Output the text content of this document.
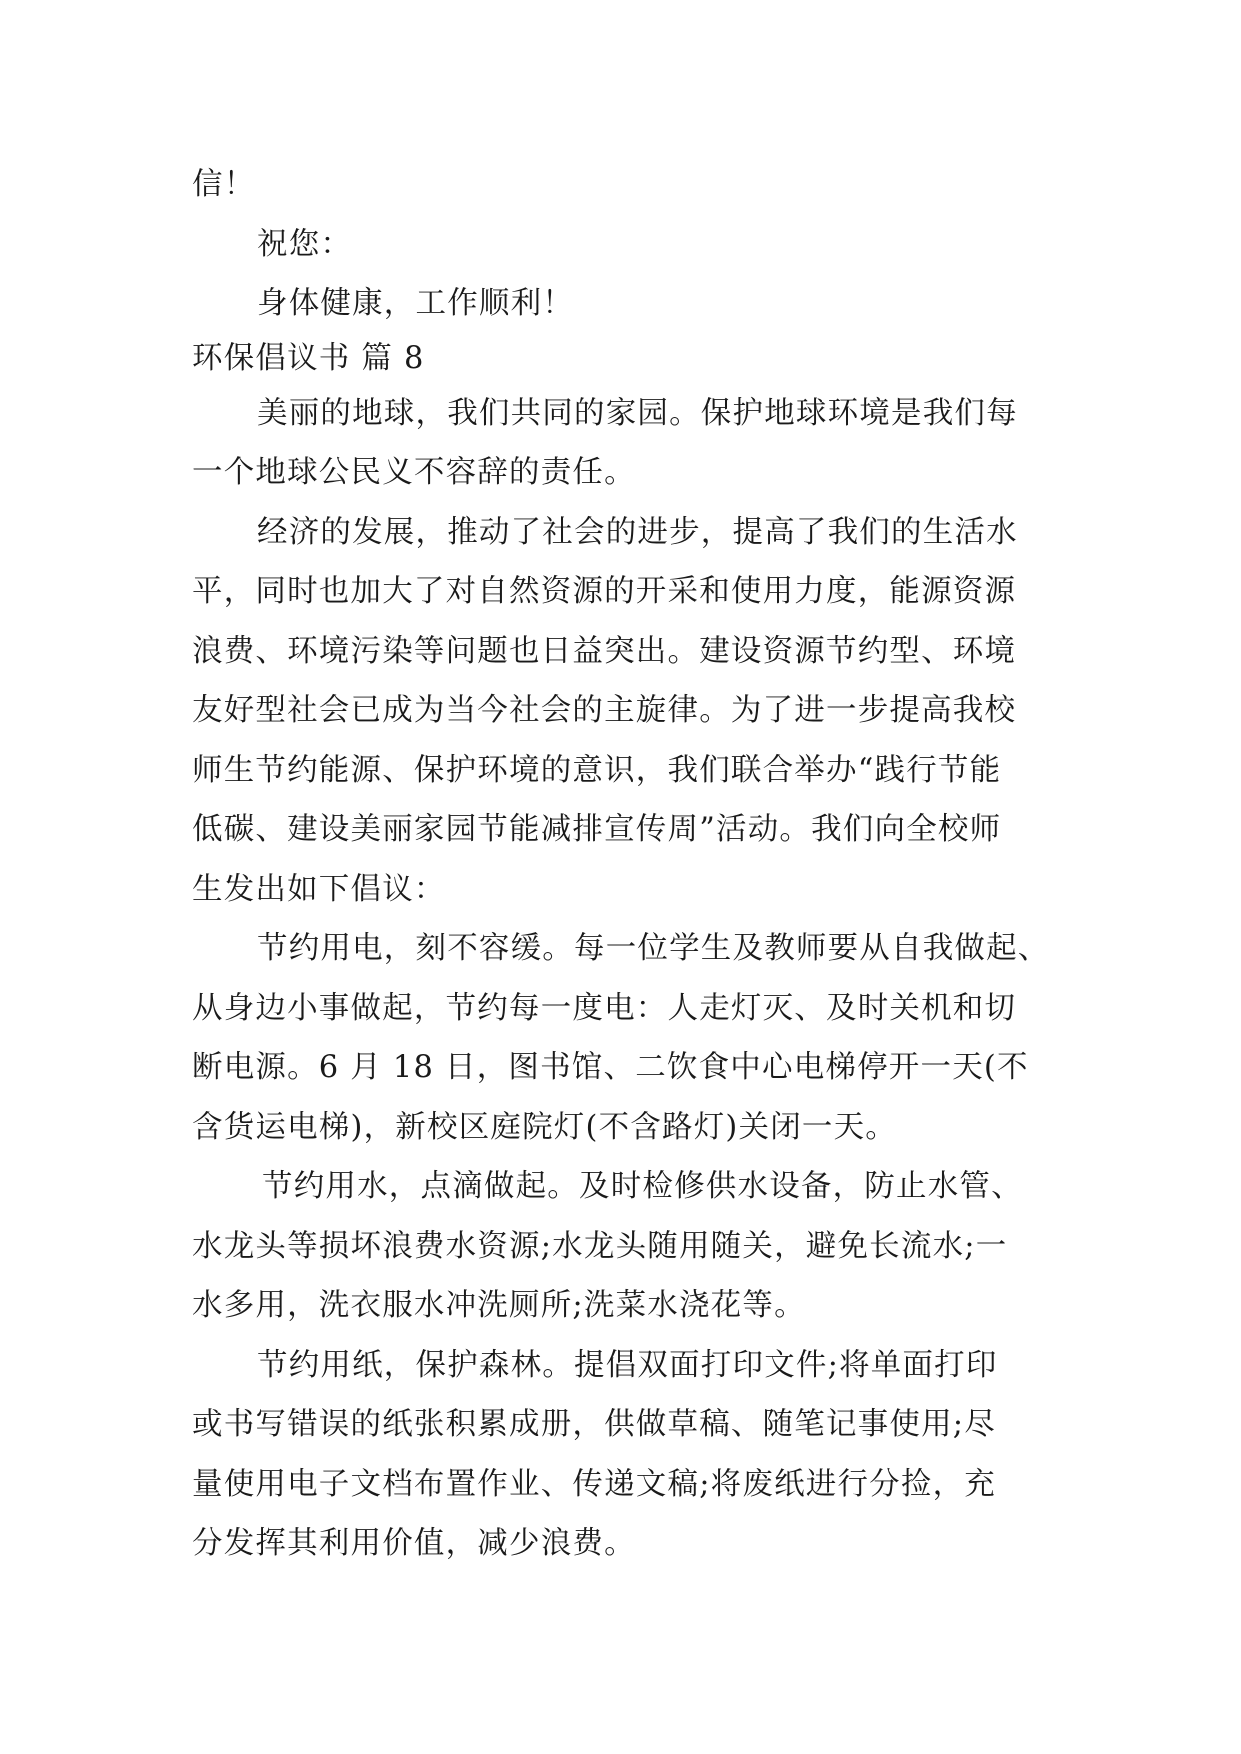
信！
祝您：
身体健康，工作顺利！
环保倡议书 篇 8
美丽的地球，我们共同的家园。保护地球环境是我们每
一个地球公民义不容辞的责任。
经济的发展，推动了社会的进步，提高了我们的生活水
平，同时也加大了对自然资源的开采和使用力度，能源资源
浪费、环境污染等问题也日益突出。建设资源节约型、环境
友好型社会已成为当今社会的主旋律。为了进一步提高我校
师生节约能源、保护环境的意识，我们联合举办“践行节能
低碳、建设美丽家园节能减排宣传周”活动。我们向全校师
生发出如下倡议：
节约用电，刻不容缓。每一位学生及教师要从自我做起、
从身边小事做起，节约每一度电：人走灯灭、及时关机和切
断电源。6 月 18 日，图书馆、二饮食中心电梯停开一天(不
含货运电梯)，新校区庭院灯(不含路灯)关闭一天。
节约用水，点滴做起。及时检修供水设备，防止水管、
水龙头等损坏浪费水资源;水龙头随用随关，避免长流水;一
水多用，洗衣服水冲洗厕所;洗菜水浇花等。
节约用纸，保护森林。提倡双面打印文件;将单面打印
或书写错误的纸张积累成册，供做草稿、随笔记事使用;尽
量使用电子文档布置作业、传递文稿;将废纸进行分捡，充
分发挥其利用价值，减少浪费。
